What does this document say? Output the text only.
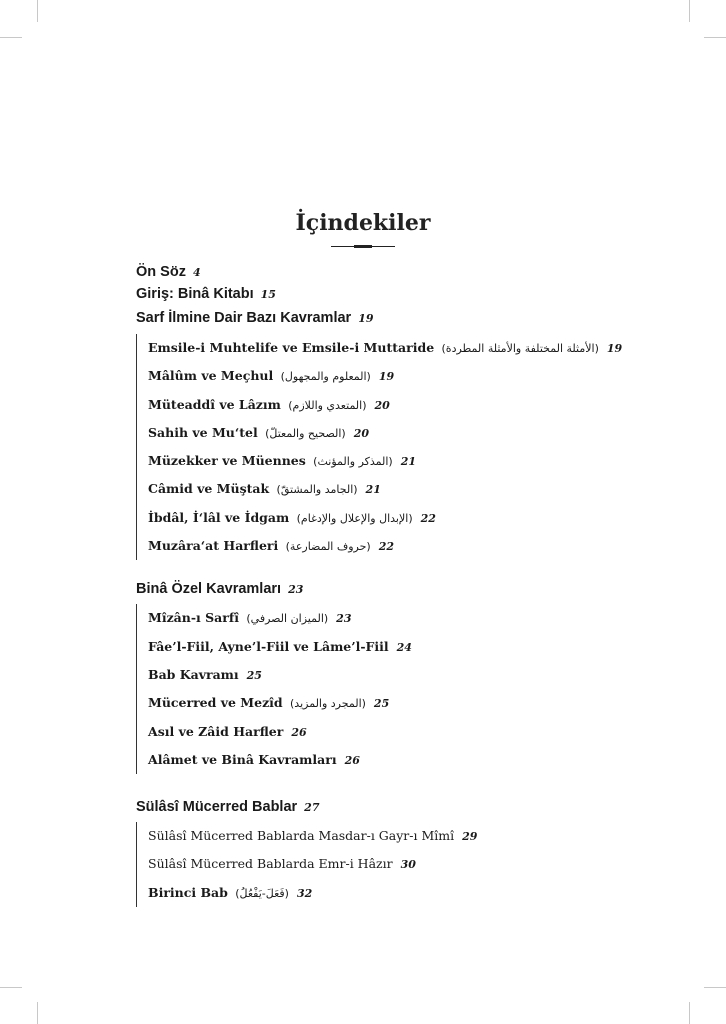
İçindekiler
Ön Söz 4
Giriş: Binâ Kitabı 15
Sarf İlmine Dair Bazı Kavramlar 19
Emsile-i Muhtelife ve Emsile-i Muttaride (الأمثلة المختلفة والأمثلة المطردة) 19
Mâlûm ve Meçhul (المعلوم والمجهول) 19
Müteaddî ve Lâzım (المتعدي واللازم) 20
Sahih ve Mu‘tel (الصحيح والمعتلّ) 20
Müzekker ve Müennes (المذكر والمؤنث) 21
Câmid ve Müştak (الجامد والمشتقّ) 21
İbdâl, İ‘lâl ve İdgam (الإبدال والإعلال والإدغام) 22
Muzâra‘at Harfleri (حروف المضارعة) 22
Binâ Özel Kavramları 23
Mîzân-ı Sarfî (الميزان الصرفي) 23
Fâe’l-Fiil, Ayne’l-Fiil ve Lâme’l-Fiil 24
Bab Kavramı 25
Mücerred ve Mezîd (المجرد والمزيد) 25
Asıl ve Zâid Harfler 26
Alâmet ve Binâ Kavramları 26
Sülâsî Mücerred Bablar 27
Sülâsî Mücerred Bablarda Masdar-ı Gayr-ı Mîmî 29
Sülâsî Mücerred Bablarda Emr-i Hâzır 30
Birinci Bab (فَعَلَ-يَفْعُلُ) 32
